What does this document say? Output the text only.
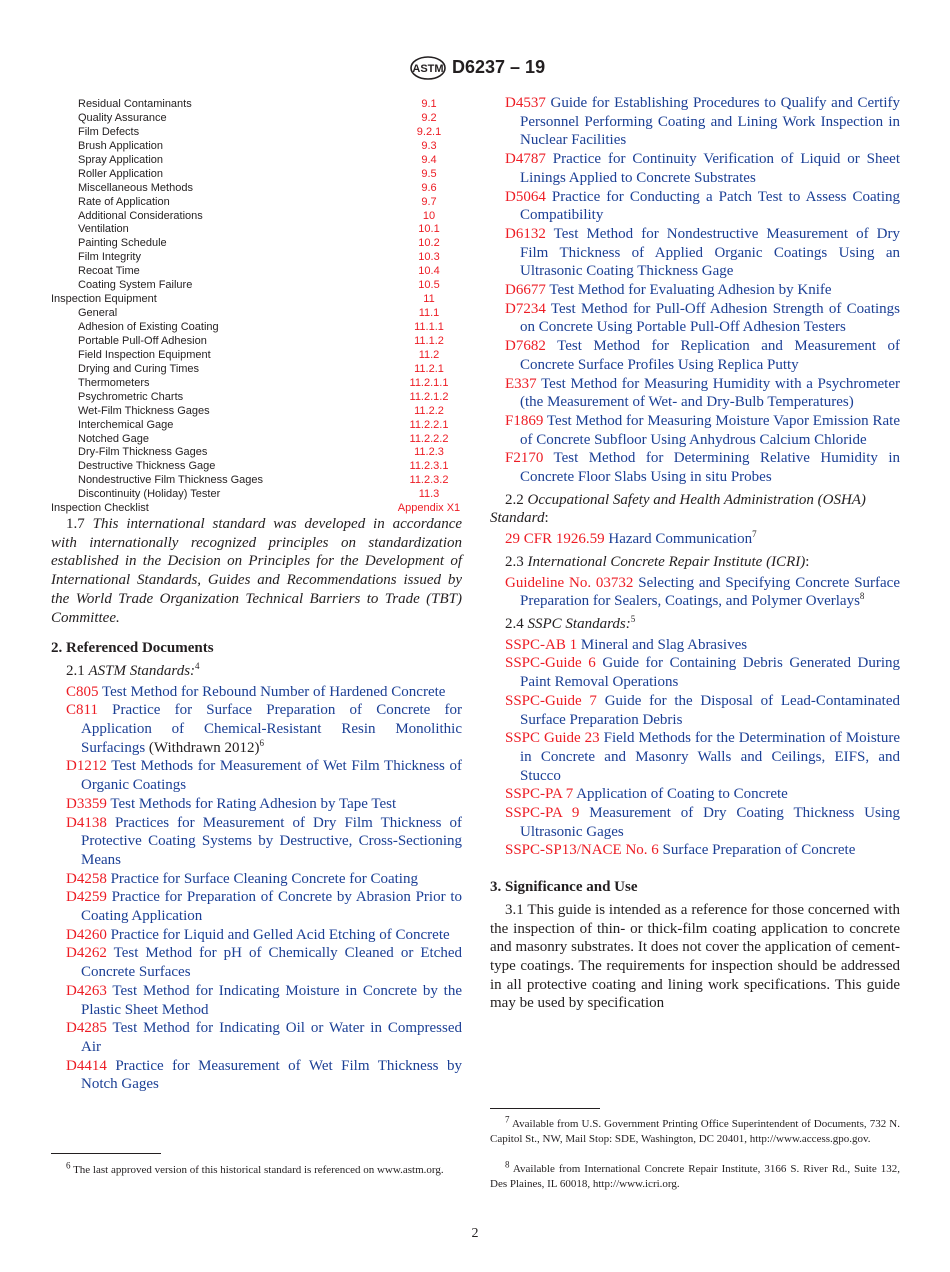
ASTM D6237 – 19
Residual Contaminants	9.1
Quality Assurance	9.2
Film Defects	9.2.1
Brush Application	9.3
Spray Application	9.4
Roller Application	9.5
Miscellaneous Methods	9.6
Rate of Application	9.7
Additional Considerations	10
Ventilation	10.1
Painting Schedule	10.2
Film Integrity	10.3
Recoat Time	10.4
Coating System Failure	10.5
Inspection Equipment	11
General	11.1
Adhesion of Existing Coating	11.1.1
Portable Pull-Off Adhesion	11.1.2
Field Inspection Equipment	11.2
Drying and Curing Times	11.2.1
Thermometers	11.2.1.1
Psychrometric Charts	11.2.1.2
Wet-Film Thickness Gages	11.2.2
Interchemical Gage	11.2.2.1
Notched Gage	11.2.2.2
Dry-Film Thickness Gages	11.2.3
Destructive Thickness Gage	11.2.3.1
Nondestructive Film Thickness Gages	11.2.3.2
Discontinuity (Holiday) Tester	11.3
Inspection Checklist	Appendix X1

1.7 This international standard was developed in accordance with internationally recognized principles on standardization established in the Decision on Principles for the Development of International Standards, Guides and Recommendations issued by the World Trade Organization Technical Barriers to Trade (TBT) Committee.

2. Referenced Documents

2.1 ASTM Standards:$^4$

C805 Test Method for Rebound Number of Hardened Concrete

C811 Practice for Surface Preparation of Concrete for Application of Chemical-Resistant Resin Monolithic Surfacings (Withdrawn 2012)$^6$

D1212 Test Methods for Measurement of Wet Film Thickness of Organic Coatings

D3359 Test Methods for Rating Adhesion by Tape Test

D4138 Practices for Measurement of Dry Film Thickness of Protective Coating Systems by Destructive, Cross-Sectioning Means

D4258 Practice for Surface Cleaning Concrete for Coating

D4259 Practice for Preparation of Concrete by Abrasion Prior to Coating Application

D4260 Practice for Liquid and Gelled Acid Etching of Concrete

D4262 Test Method for pH of Chemically Cleaned or Etched Concrete Surfaces

D4263 Test Method for Indicating Moisture in Concrete by the Plastic Sheet Method

D4285 Test Method for Indicating Oil or Water in Compressed Air

D4414 Practice for Measurement of Wet Film Thickness by Notch Gages

$^6$ The last approved version of this historical standard is referenced on www.astm.org.

D4537 Guide for Establishing Procedures to Qualify and Certify Personnel Performing Coating and Lining Work Inspection in Nuclear Facilities

D4787 Practice for Continuity Verification of Liquid or Sheet Linings Applied to Concrete Substrates

D5064 Practice for Conducting a Patch Test to Assess Coating Compatibility

D6132 Test Method for Nondestructive Measurement of Dry Film Thickness of Applied Organic Coatings Using an Ultrasonic Coating Thickness Gage

D6677 Test Method for Evaluating Adhesion by Knife

D7234 Test Method for Pull-Off Adhesion Strength of Coatings on Concrete Using Portable Pull-Off Adhesion Testers

D7682 Test Method for Replication and Measurement of Concrete Surface Profiles Using Replica Putty

E337 Test Method for Measuring Humidity with a Psychrometer (the Measurement of Wet- and Dry-Bulb Temperatures)

F1869 Test Method for Measuring Moisture Vapor Emission Rate of Concrete Subfloor Using Anhydrous Calcium Chloride

F2170 Test Method for Determining Relative Humidity in Concrete Floor Slabs Using in situ Probes

2.2 Occupational Safety and Health Administration (OSHA) Standard:

29 CFR 1926.59 Hazard Communication$^7$

2.3 International Concrete Repair Institute (ICRI):

Guideline No. 03732 Selecting and Specifying Concrete Surface Preparation for Sealers, Coatings, and Polymer Overlays$^8$

2.4 SSPC Standards:$^5$

SSPC-AB 1 Mineral and Slag Abrasives

SSPC-Guide 6 Guide for Containing Debris Generated During Paint Removal Operations

SSPC-Guide 7 Guide for the Disposal of Lead-Contaminated Surface Preparation Debris

SSPC Guide 23 Field Methods for the Determination of Moisture in Concrete and Masonry Walls and Ceilings, EIFS, and Stucco

SSPC-PA 7 Application of Coating to Concrete

SSPC-PA 9 Measurement of Dry Coating Thickness Using Ultrasonic Gages

SSPC-SP13/NACE No. 6 Surface Preparation of Concrete

3. Significance and Use

3.1 This guide is intended as a reference for those concerned with the inspection of thin- or thick-film coating application to concrete and masonry substrates. It does not cover the application of cement-type coatings. The requirements for inspection should be addressed in all protective coating and lining work specifications. This guide may be used by specification

$^7$ Available from U.S. Government Printing Office Superintendent of Documents, 732 N. Capitol St., NW, Mail Stop: SDE, Washington, DC 20401, http://www.access.gpo.gov.
$^8$ Available from International Concrete Repair Institute, 3166 S. River Rd., Suite 132, Des Plaines, IL 60018, http://www.icri.org.
2
